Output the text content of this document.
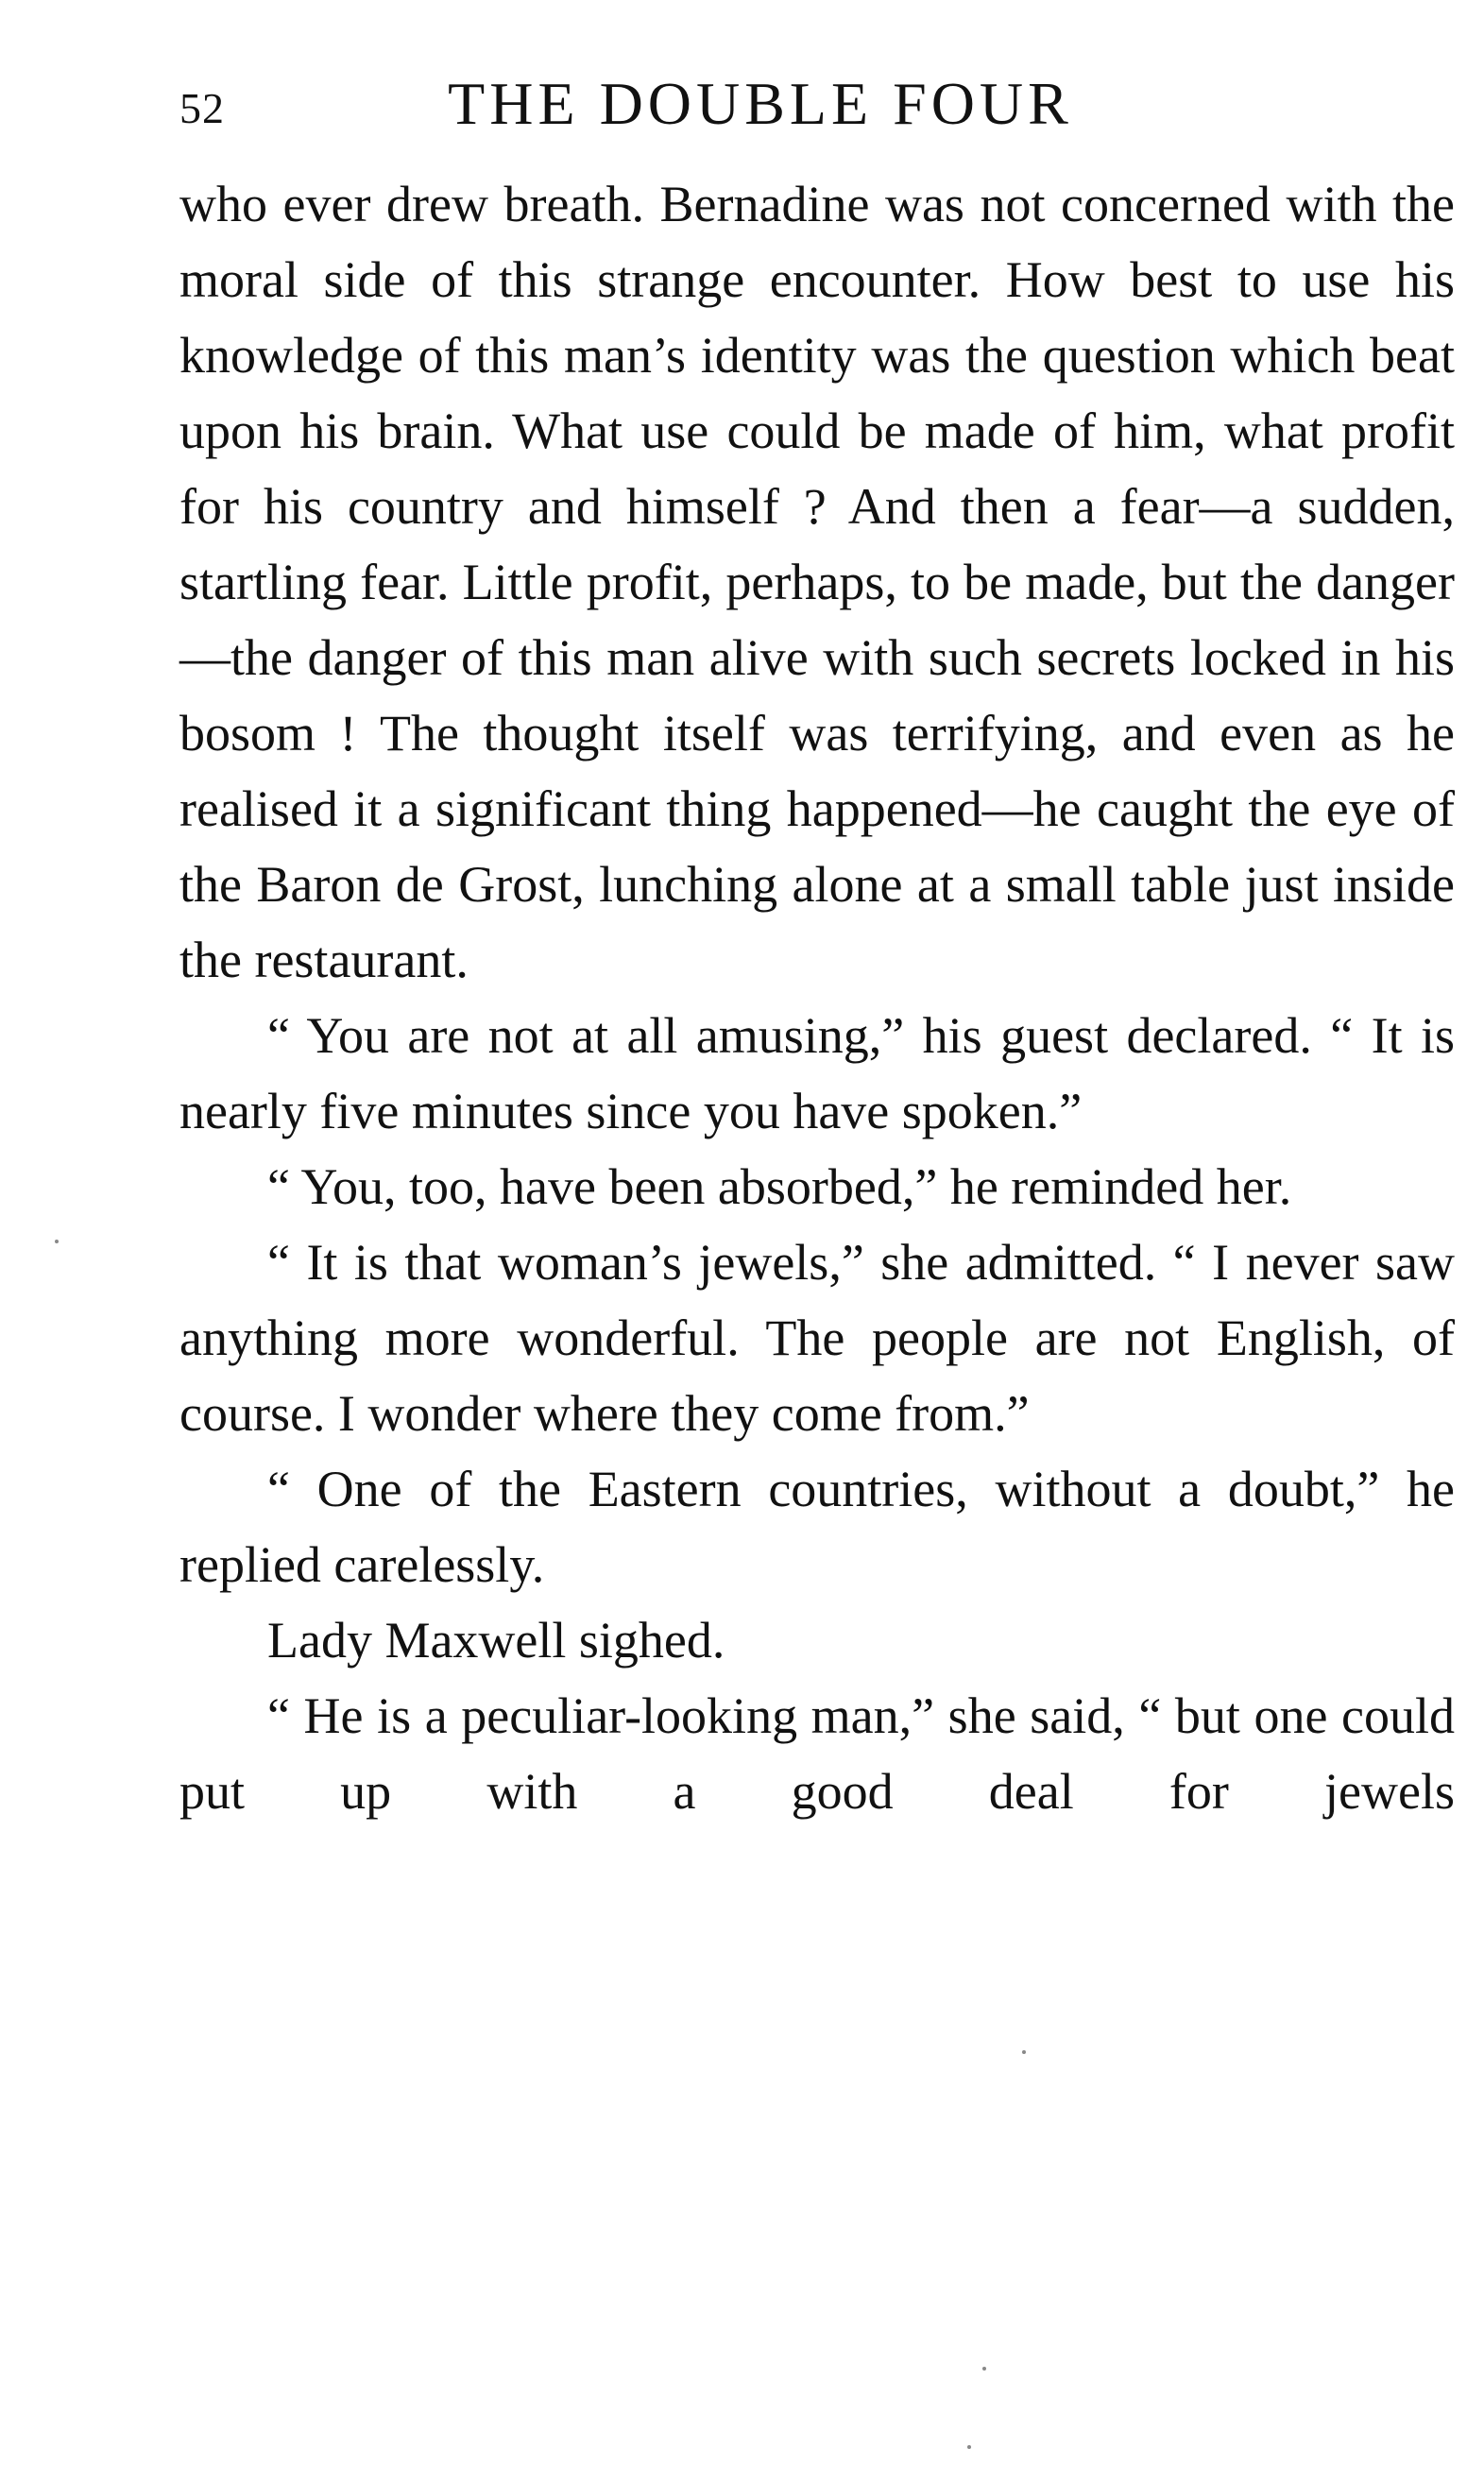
52	THE DOUBLE FOUR

who ever drew breath. Bernadine was not concerned with the moral side of this strange encounter. How best to use his knowledge of this man’s identity was the question which beat upon his brain. What use could be made of him, what profit for his country and himself ? And then a fear—a sudden, startling fear. Little profit, perhaps, to be made, but the danger—the danger of this man alive with such secrets locked in his bosom ! The thought itself was terrifying, and even as he realised it a significant thing happened—he caught the eye of the Baron de Grost, lunching alone at a small table just inside the restaurant.

“ You are not at all amusing,” his guest declared. “ It is nearly five minutes since you have spoken.”

“ You, too, have been absorbed,” he reminded her.

“ It is that woman’s jewels,” she admitted. “ I never saw anything more wonderful. The people are not English, of course. I wonder where they come from.”

“ One of the Eastern countries, without a doubt,” he replied carelessly.

Lady Maxwell sighed.

“ He is a peculiar-looking man,” she said, “ but one could put up with a good deal for jewels
